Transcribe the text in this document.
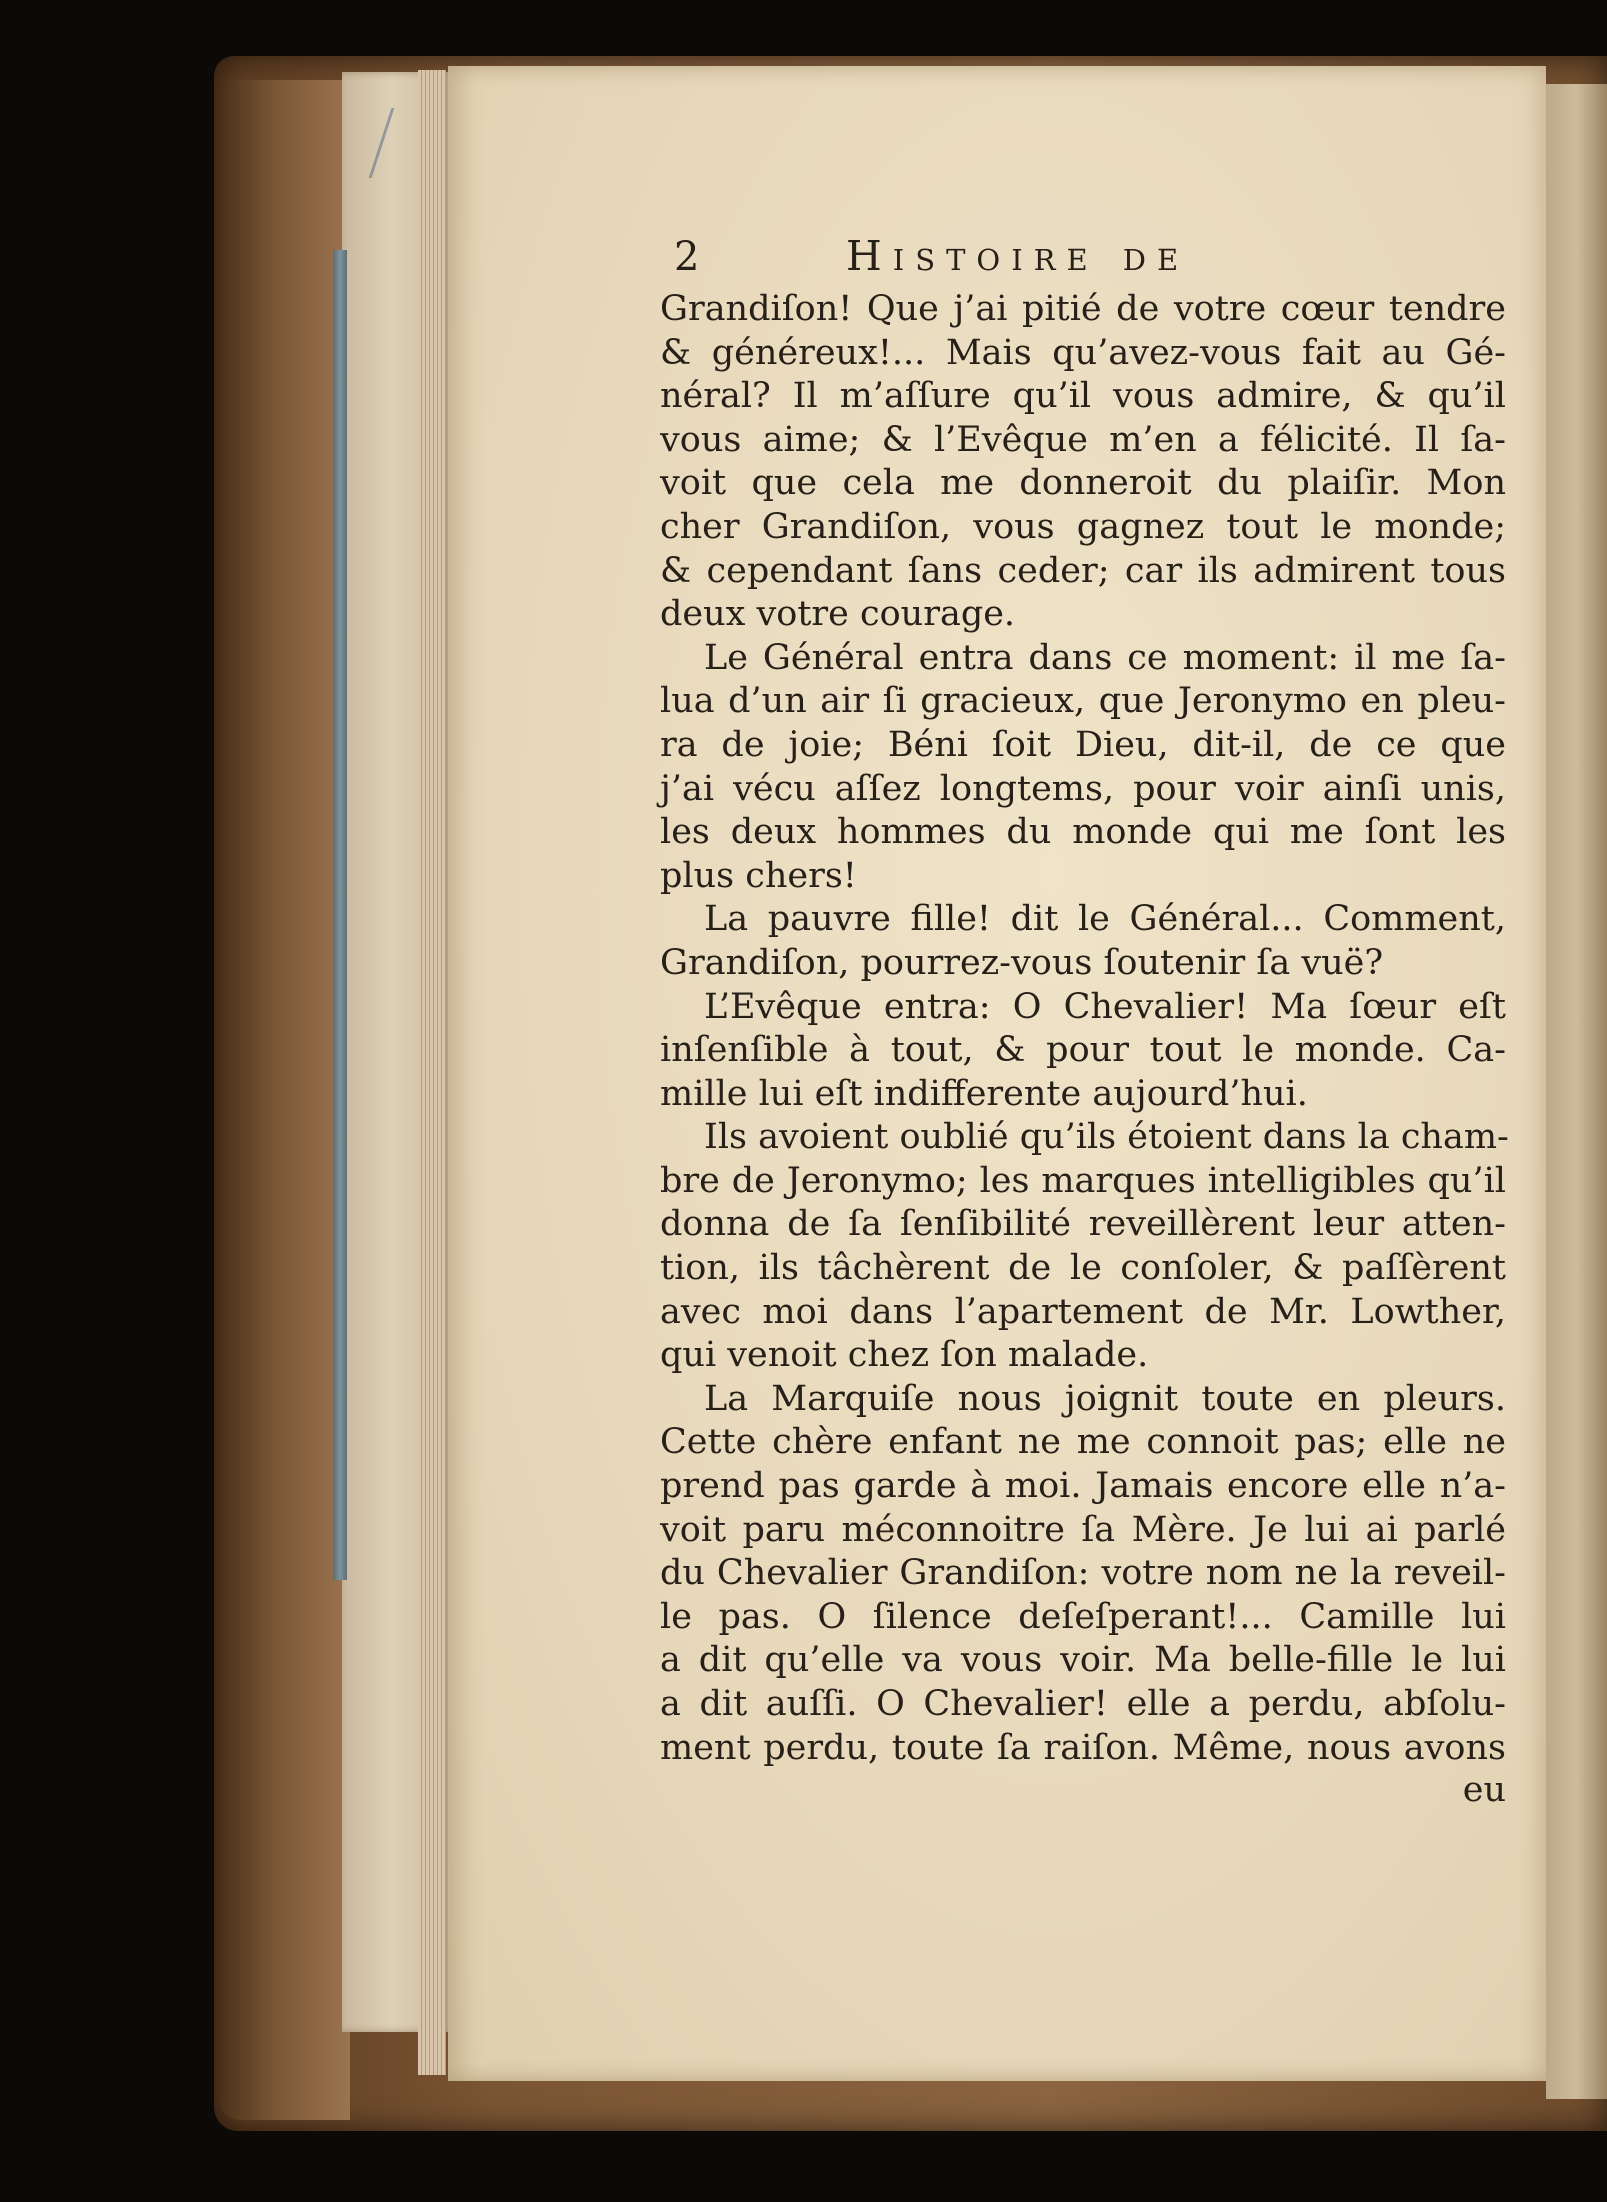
2	Histoire de
Grandiſon! Que j’ai pitié de votre cœur tendre
& généreux!... Mais qu’avez-vous fait au Gé-
néral? Il m’aſſure qu’il vous admire, & qu’il
vous aime; & l’Evêque m’en a félicité. Il ſa-
voit que cela me donneroit du plaiſir. Mon
cher Grandiſon, vous gagnez tout le monde;
& cependant ſans ceder; car ils admirent tous
deux votre courage.
Le Général entra dans ce moment: il me ſa-
lua d’un air ſi gracieux, que Jeronymo en pleu-
ra de joie; Béni ſoit Dieu, dit-il, de ce que
j’ai vécu aſſez longtems, pour voir ainſi unis,
les deux hommes du monde qui me ſont les
plus chers!
La pauvre fille! dit le Général... Comment,
Grandiſon, pourrez-vous ſoutenir ſa vuë?
L’Evêque entra: O Chevalier! Ma ſœur eſt
inſenſible à tout, & pour tout le monde. Ca-
mille lui eſt indifferente aujourd’hui.
Ils avoient oublié qu’ils étoient dans la cham-
bre de Jeronymo; les marques intelligibles qu’il
donna de ſa ſenſibilité reveillèrent leur atten-
tion, ils tâchèrent de le conſoler, & paſſèrent
avec moi dans l’apartement de Mr. Lowther,
qui venoit chez ſon malade.
La Marquiſe nous joignit toute en pleurs.
Cette chère enfant ne me connoit pas; elle ne
prend pas garde à moi. Jamais encore elle n’a-
voit paru méconnoitre ſa Mère. Je lui ai parlé
du Chevalier Grandiſon: votre nom ne la reveil-
le pas. O ſilence deſeſperant!... Camille lui
a dit qu’elle va vous voir. Ma belle-fille le lui
a dit auſſi. O Chevalier! elle a perdu, abſolu-
ment perdu, toute ſa raiſon. Même, nous avons
eu
